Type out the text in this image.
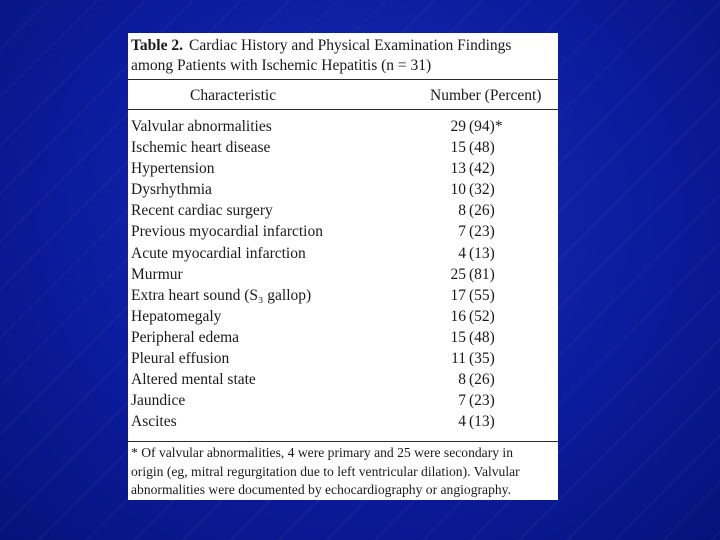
Table 2. Cardiac History and Physical Examination Findings
among Patients with Ischemic Hepatitis (n = 31)
Characteristic	Number (Percent)
Valvular abnormalities	29 (94)*
Ischemic heart disease	15 (48)
Hypertension	13 (42)
Dysrhythmia	10 (32)
Recent cardiac surgery	8 (26)
Previous myocardial infarction	7 (23)
Acute myocardial infarction	4 (13)
Murmur	25 (81)
Extra heart sound (S₃ gallop)	17 (55)
Hepatomegaly	16 (52)
Peripheral edema	15 (48)
Pleural effusion	11 (35)
Altered mental state	8 (26)
Jaundice	7 (23)
Ascites	4 (13)
* Of valvular abnormalities, 4 were primary and 25 were secondary in
origin (eg, mitral regurgitation due to left ventricular dilation). Valvular
abnormalities were documented by echocardiography or angiography.
